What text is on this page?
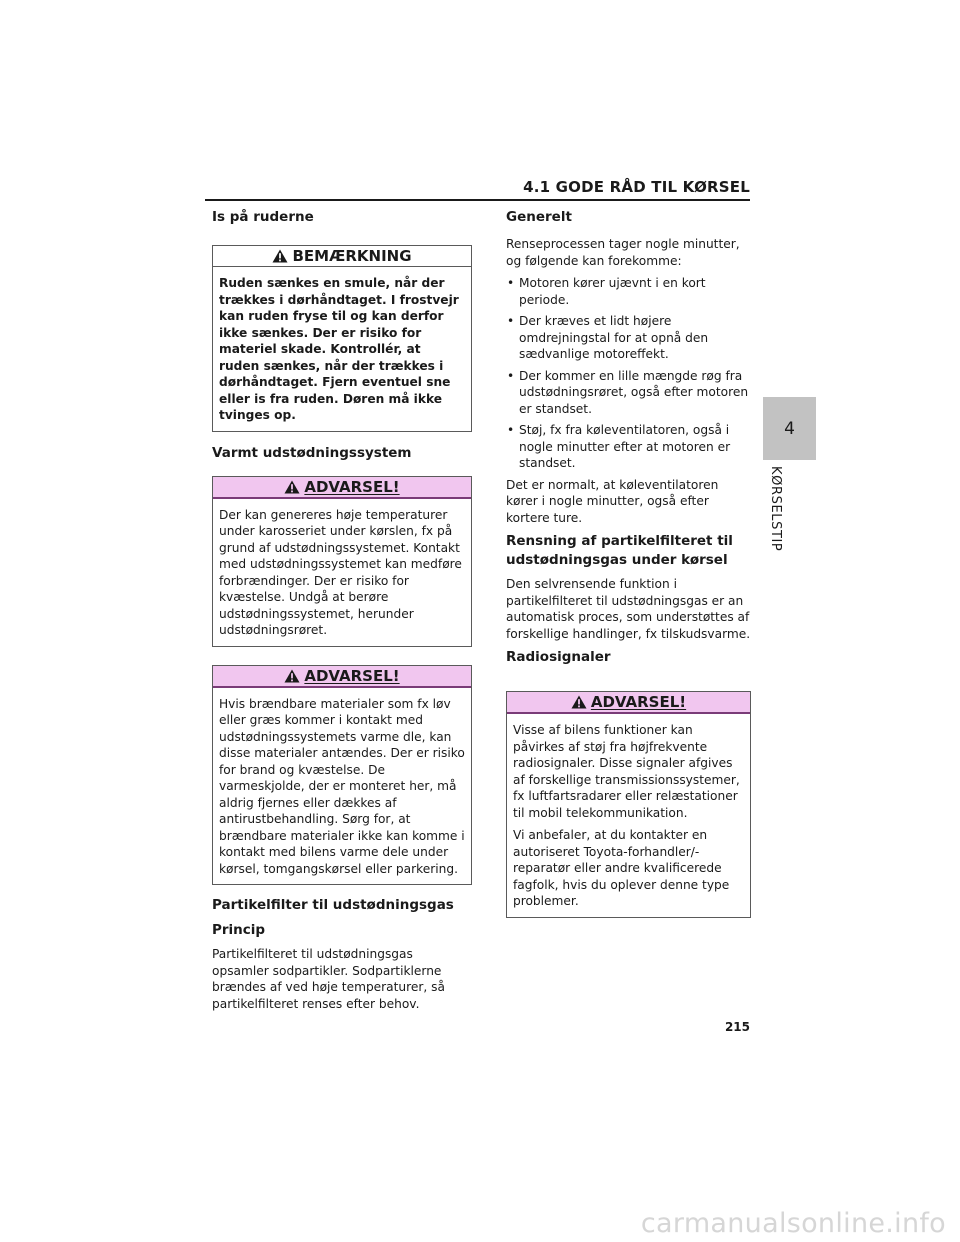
4.1 GODE RÅD TIL KØRSEL
Is på ruderne
BEMÆRKNING

Ruden sænkes en smule, når der trækkes i dørhåndtaget. I frostvejr kan ruden fryse til og kan derfor ikke sænkes. Der er risiko for materiel skade. Kontrollér, at ruden sænkes, når der trækkes i dørhåndtaget. Fjern eventuel sne eller is fra ruden. Døren må ikke tvinges op.

Varmt udstødningssystem
ADVARSEL!

Der kan genereres høje temperaturer under karosseriet under kørslen, fx på grund af udstødningssystemet. Kontakt med udstødningssystemet kan medføre forbrændinger. Der er risiko for kvæstelse. Undgå at berøre udstødningssystemet, herunder udstødningsrøret.

ADVARSEL!

Hvis brændbare materialer som fx løv eller græs kommer i kontakt med udstødningssystemets varme dle, kan disse materialer antændes. Der er risiko for brand og kvæstelse. De varmeskjolde, der er monteret her, må aldrig fjernes eller dækkes af antirustbehandling. Sørg for, at brændbare materialer ikke kan komme i kontakt med bilens varme dele under kørsel, tomgangskørsel eller parkering.

Partikelfilter til udstødningsgas
Princip

Partikelfilteret til udstødningsgas opsamler sodpartikler. Sodpartiklerne brændes af ved høje temperaturer, så partikelfilteret renses efter behov.

Generelt

Renseprocessen tager nogle minutter, og følgende kan forekomme:

• Motoren kører ujævnt i en kort periode.
• Der kræves et lidt højere omdrejningstal for at opnå den sædvanlige motoreffekt.
• Der kommer en lille mængde røg fra udstødningsrøret, også efter motoren er standset.
• Støj, fx fra køleventilatoren, også i nogle minutter efter at motoren er standset.

Det er normalt, at køleventilatoren kører i nogle minutter, også efter kortere ture.

Rensning af partikelfilteret til udstødningsgas under kørsel

Den selvrensende funktion i partikelfilteret til udstødningsgas er an automatisk proces, som understøttes af forskellige handlinger, fx tilskudsvarme.

Radiosignaler
ADVARSEL!

Visse af bilens funktioner kan påvirkes af støj fra højfrekvente radiosignaler. Disse signaler afgives af forskellige transmissionssystemer, fx luftfartsradarer eller relæstationer til mobil telekommunikation.

Vi anbefaler, at du kontakter en autoriseret Toyota-forhandler/-reparatør eller andre kvalificerede fagfolk, hvis du oplever denne type problemer.

4
KØRSELSTIP
215
carmanualsonline.info
